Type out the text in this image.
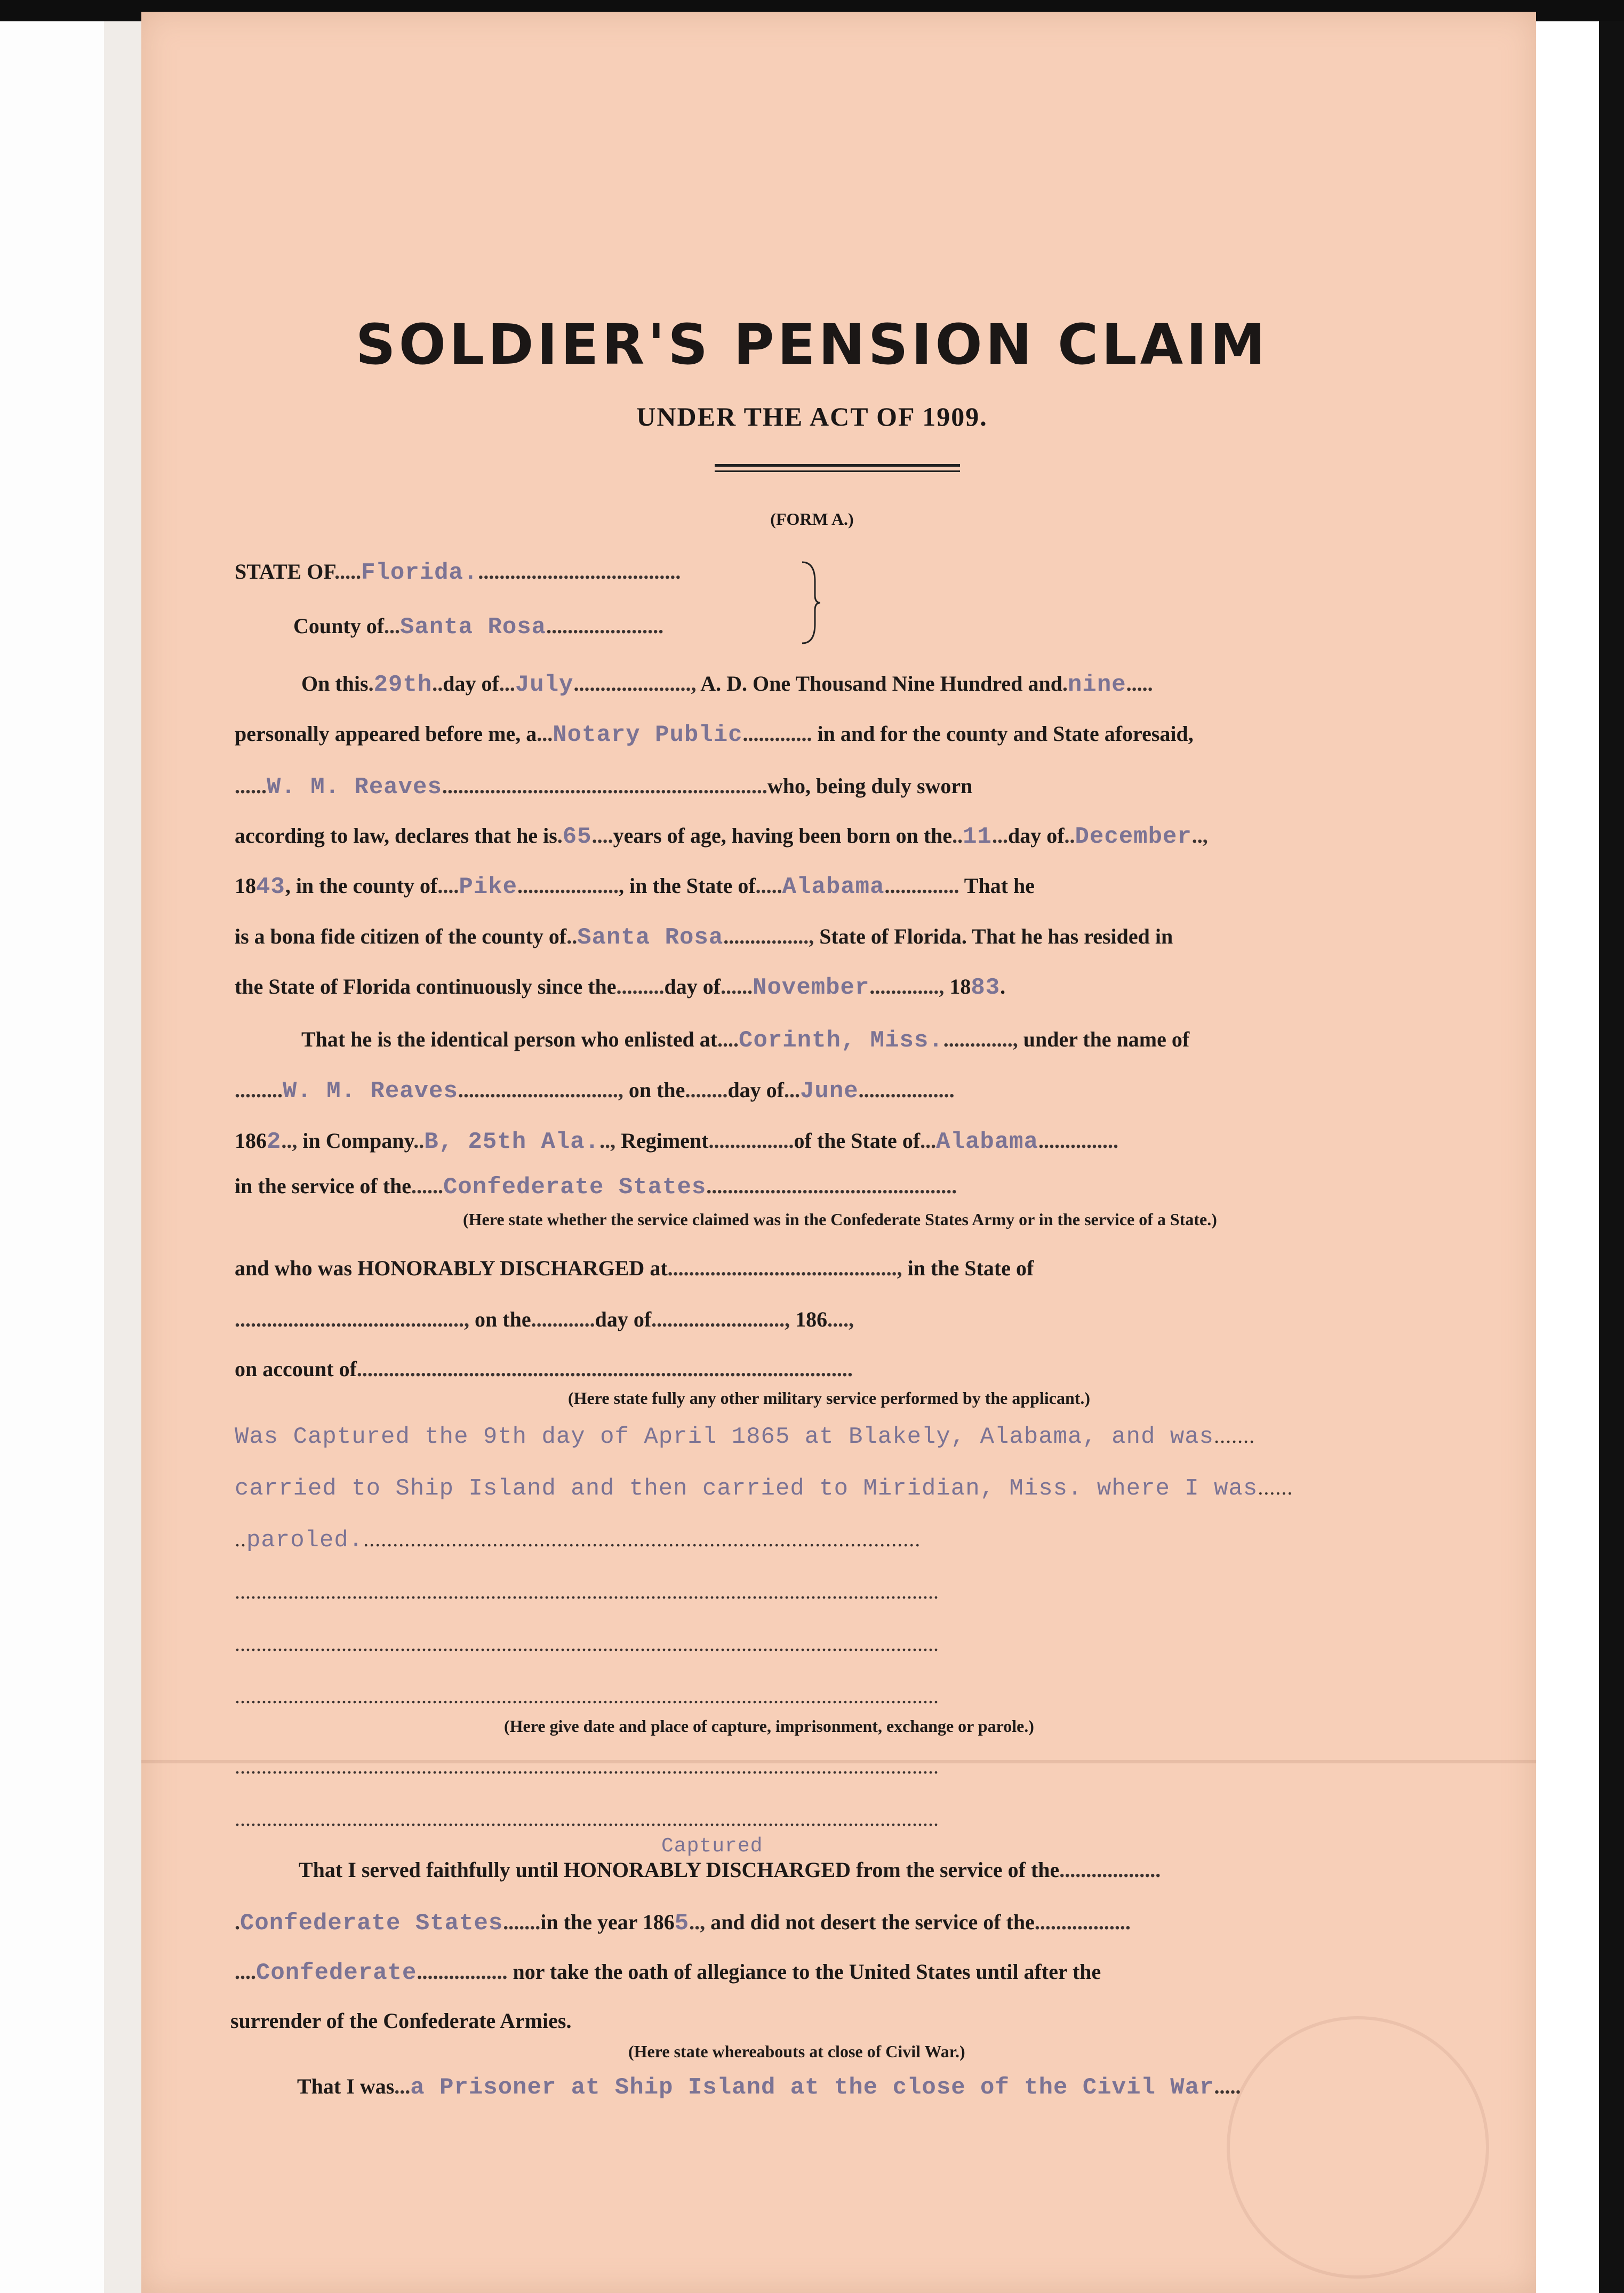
SOLDIER'S PENSION CLAIM
UNDER THE ACT OF 1909.
(FORM A.)
STATE OF.....Florida.......................................
County of...Santa Rosa......................
On this.29th..day of...July......................, A. D. One Thousand Nine Hundred and.nine.....
personally appeared before me, a...Notary Public............. in and for the county and State aforesaid,
......W. M. Reaves.............................................................who, being duly sworn
according to law, declares that he is.65....years of age, having been born on the..11...day of..December..,
1843, in the county of....Pike..................., in the State of.....Alabama.............. That he
is a bona fide citizen of the county of..Santa Rosa................, State of Florida. That he has resided in
the State of Florida continuously since the.........day of......November............., 1883.
That he is the identical person who enlisted at....Corinth, Miss.............., under the name of
.........W. M. Reaves.............................., on the........day of...June..................
1862.., in Company..B, 25th Ala..., Regiment................of the State of...Alabama...............
in the service of the......Confederate States...............................................
(Here state whether the service claimed was in the Confederate States Army or in the service of a State.)
and who was HONORABLY DISCHARGED at..........................................., in the State of
..........................................., on the............day of........................., 186....,
on account of.............................................................................................
(Here state fully any other military service performed by the applicant.)
Was Captured the 9th day of April 1865 at Blakely, Alabama, and was.......
carried to Ship Island and then carried to Miridian, Miss. where I was......
..paroled................................................................................................
....................................................................................................................................
....................................................................................................................................
....................................................................................................................................
(Here give date and place of capture, imprisonment, exchange or parole.)
....................................................................................................................................
....................................................................................................................................
Captured
That I served faithfully until HONORABLY DISCHARGED from the service of the...................
.Confederate States.......in the year 1865.., and did not desert the service of the..................
....Confederate................. nor take the oath of allegiance to the United States until after the
surrender of the Confederate Armies.
(Here state whereabouts at close of Civil War.)
That I was...a Prisoner at Ship Island at the close of the Civil War.....
